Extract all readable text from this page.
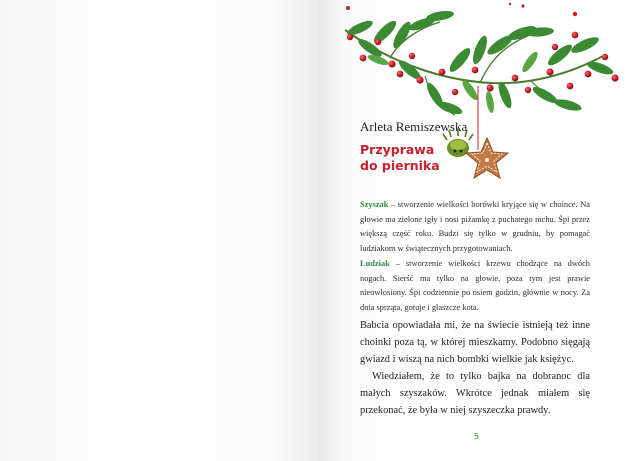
Arleta Remiszewska
Przyprawa
do piernika
Szyszak – stworzenie wielkości borówki kryjące się w choince. Na głowie ma zielone igły i nosi piżamkę z puchatego mchu. Śpi przez większą część roku. Budzi się tylko w grudniu, by pomagać ludziakom w świątecznych przygotowaniach.
Ludziak – stworzenie wielkości krzewu chodzące na dwóch nogach. Sierść ma tylko na głowie, poza tym jest prawie nieowłosiony. Śpi codziennie po osiem godzin, głównie w nocy. Za dnia sprząta, gotuje i głaszcze kota.

Babcia opowiadała mi, że na świecie istnieją też inne choinki poza tą, w której mieszkamy. Podobno sięgają gwiazd i wiszą na nich bombki wielkie jak księżyc.

Wiedziałem, że to tylko bajka na dobranoc dla małych szyszaków. Wkrótce jednak miałem się przekonać, że była w niej szyszeczka prawdy.

5
